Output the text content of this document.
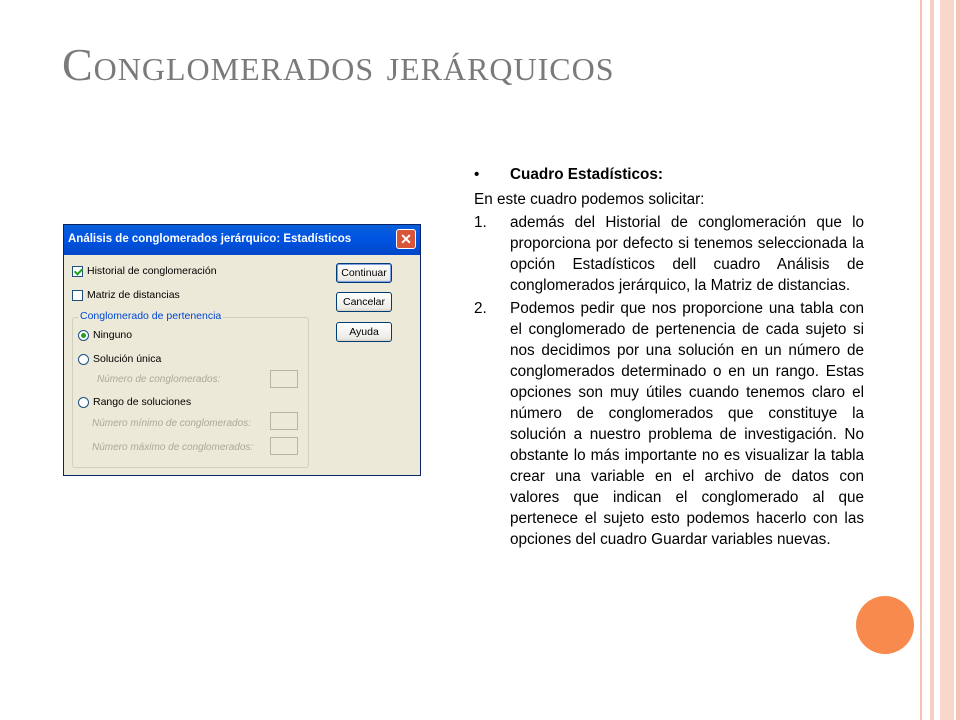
Conglomerados jerárquicos
Análisis de conglomerados jerárquico: Estadísticos	✕
Historial de conglomeración
Matriz de distancias
Continuar
Cancelar
Ayuda
Conglomerado de pertenencia
Ninguno
Solución única
Número de conglomerados:
Rango de soluciones
Número mínimo de conglomerados:
Número máximo de conglomerados:
•	Cuadro Estadísticos:
En este cuadro podemos solicitar:
1.	además del Historial de conglomeración que lo proporciona por defecto si tenemos seleccionada la opción Estadísticos dell cuadro Análisis de conglomerados jerárquico, la Matriz de distancias.
2.	Podemos pedir que nos proporcione una tabla con el conglomerado de pertenencia de cada sujeto si nos decidimos por una solución en un número de conglomerados determinado o en un rango. Estas opciones son muy útiles cuando tenemos claro el número de conglomerados que constituye la solución a nuestro problema de investigación. No obstante lo más importante no es visualizar la tabla crear una variable en el archivo de datos con valores que indican el conglomerado al que pertenece el sujeto esto podemos hacerlo con las opciones del cuadro Guardar variables nuevas.
